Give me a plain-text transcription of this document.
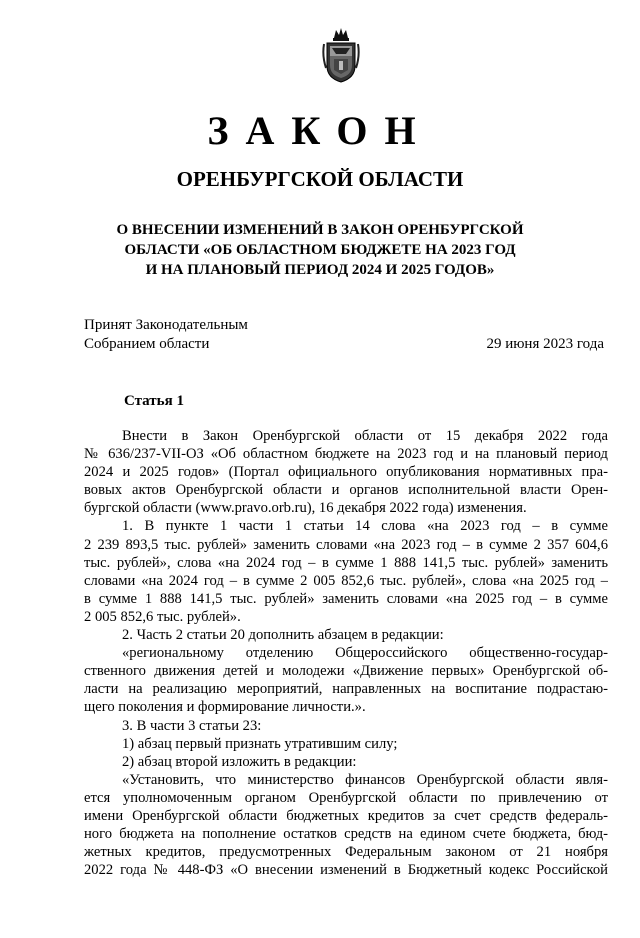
ЗАКОН
ОРЕНБУРГСКОЙ ОБЛАСТИ
О ВНЕСЕНИИ ИЗМЕНЕНИЙ В ЗАКОН ОРЕНБУРГСКОЙ
ОБЛАСТИ «ОБ ОБЛАСТНОМ БЮДЖЕТЕ НА 2023 ГОД
И НА ПЛАНОВЫЙ ПЕРИОД 2024 И 2025 ГОДОВ»
Принят Законодательным
Собранием области	29 июня 2023 года
Статья 1
Внести в Закон Оренбургской области от 15 декабря 2022 года
№ 636/237-VII-ОЗ «Об областном бюджете на 2023 год и на плановый период
2024 и 2025 годов» (Портал официального опубликования нормативных пра-
вовых актов Оренбургской области и органов исполнительной власти Орен-
бургской области (www.pravo.orb.ru), 16 декабря 2022 года) изменения.
1. В пункте 1 части 1 статьи 14 слова «на 2023 год – в сумме
2 239 893,5 тыс. рублей» заменить словами «на 2023 год – в сумме 2 357 604,6
тыс. рублей», слова «на 2024 год – в сумме 1 888 141,5 тыс. рублей» заменить
словами «на 2024 год – в сумме 2 005 852,6 тыс. рублей», слова «на 2025 год –
в сумме 1 888 141,5 тыс. рублей» заменить словами «на 2025 год – в сумме
2 005 852,6 тыс. рублей».
2. Часть 2 статьи 20 дополнить абзацем в редакции:
«региональному отделению Общероссийского общественно-государ-
ственного движения детей и молодежи «Движение первых» Оренбургской об-
ласти на реализацию мероприятий, направленных на воспитание подрастаю-
щего поколения и формирование личности.».
3. В части 3 статьи 23:
1) абзац первый признать утратившим силу;
2) абзац второй изложить в редакции:
«Установить, что министерство финансов Оренбургской области явля-
ется уполномоченным органом Оренбургской области по привлечению от
имени Оренбургской области бюджетных кредитов за счет средств федераль-
ного бюджета на пополнение остатков средств на едином счете бюджета, бюд-
жетных кредитов, предусмотренных Федеральным законом от 21 ноября
2022 года № 448-ФЗ «О внесении изменений в Бюджетный кодекс Российской
